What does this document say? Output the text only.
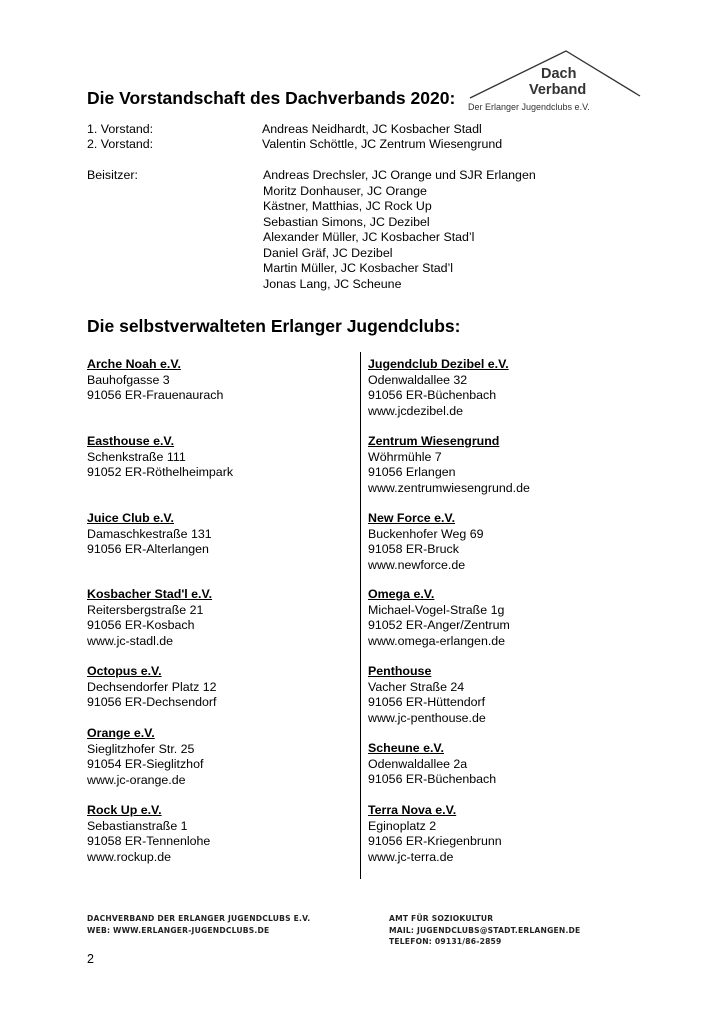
Dach
Verband
Der Erlanger Jugendclubs e.V.
Die Vorstandschaft des Dachverbands 2020:
1. Vorstand:	Andreas Neidhardt, JC Kosbacher Stadl
2. Vorstand:	Valentin Schöttle, JC Zentrum Wiesengrund
Beisitzer:	Andreas Drechsler, JC Orange und SJR Erlangen
Moritz Donhauser, JC Orange
Kästner, Matthias, JC Rock Up
Sebastian Simons, JC Dezibel
Alexander Müller, JC Kosbacher Stad’l
Daniel Gräf, JC Dezibel
Martin Müller, JC Kosbacher Stad’l
Jonas Lang, JC Scheune
Die selbstverwalteten Erlanger Jugendclubs:
Arche Noah e.V.
Bauhofgasse 3
91056 ER-Frauenaurach
Easthouse e.V.
Schenkstraße 111
91052 ER-Röthelheimpark
Juice Club e.V.
Damaschkestraße 131
91056 ER-Alterlangen
Kosbacher Stad'l e.V.
Reitersbergstraße 21
91056 ER-Kosbach
www.jc-stadl.de
Octopus e.V.
Dechsendorfer Platz 12
91056 ER-Dechsendorf
Orange e.V.
Sieglitzhofer Str. 25
91054 ER-Sieglitzhof
www.jc-orange.de
Rock Up e.V.
Sebastianstraße 1
91058 ER-Tennenlohe
www.rockup.de
Jugendclub Dezibel e.V.
Odenwaldallee 32
91056 ER-Büchenbach
www.jcdezibel.de
Zentrum Wiesengrund
Wöhrmühle 7
91056 Erlangen
www.zentrumwiesengrund.de
New Force e.V.
Buckenhofer Weg 69
91058 ER-Bruck
www.newforce.de
Omega e.V.
Michael-Vogel-Straße 1g
91052 ER-Anger/Zentrum
www.omega-erlangen.de
Penthouse
Vacher Straße 24
91056 ER-Hüttendorf
www.jc-penthouse.de
Scheune e.V.
Odenwaldallee 2a
91056 ER-Büchenbach
Terra Nova e.V.
Eginoplatz 2
91056 ER-Kriegenbrunn
www.jc-terra.de
DACHVERBAND DER ERLANGER JUGENDCLUBS E.V.
WEB: WWW.ERLANGER-JUGENDCLUBS.DE
AMT FÜR SOZIOKULTUR
MAIL: JUGENDCLUBS@STADT.ERLANGEN.DE
TELEFON: 09131/86-2859
2
